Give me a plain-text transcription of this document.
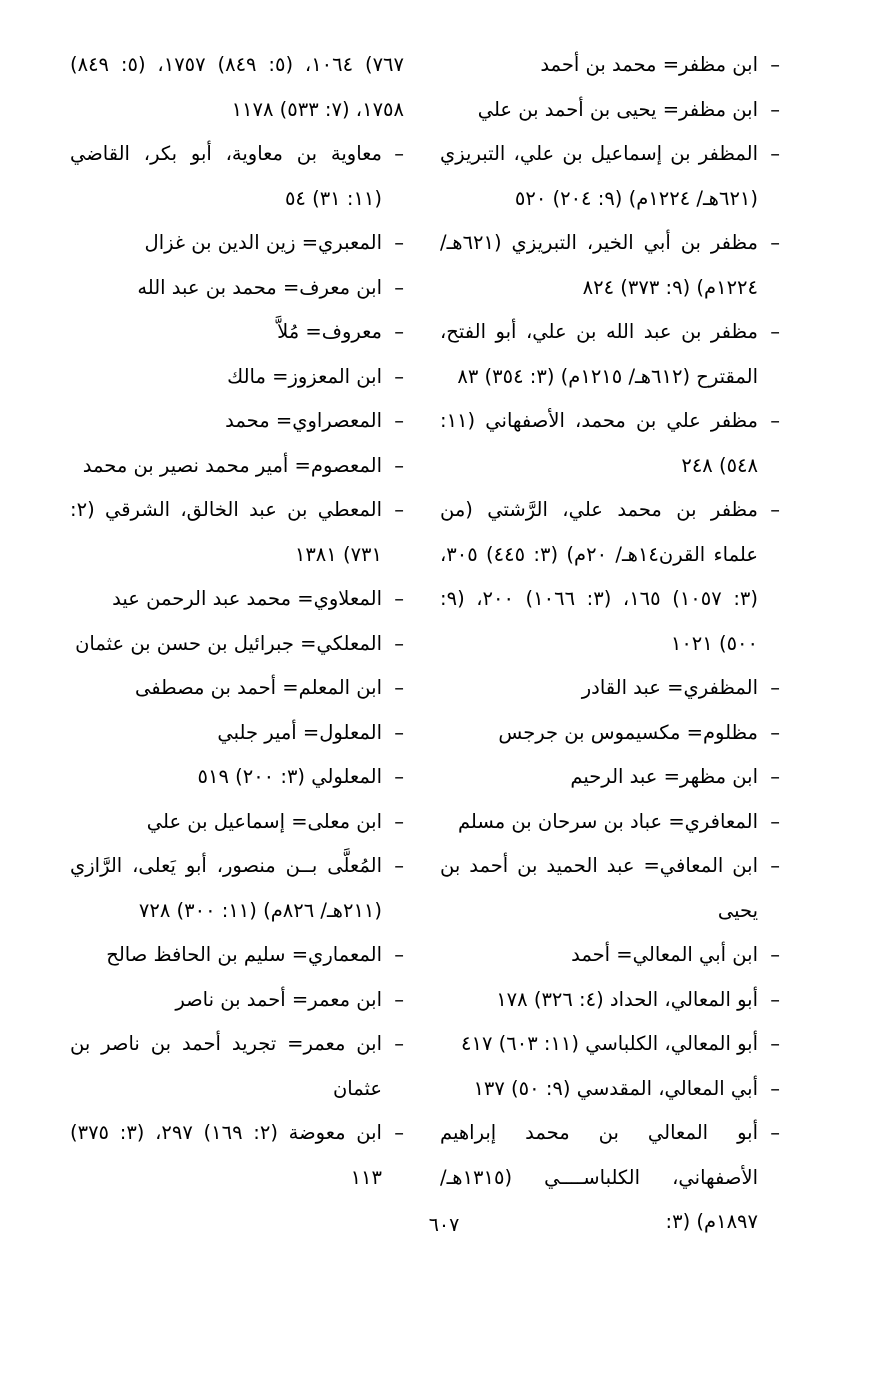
– ابن مظفر= محمد بن أحمد
– ابن مظفر= يحيى بن أحمد بن علي
– المظفر بن إسماعيل بن علي، التبريزي (٦٢١هـ/ ١٢٢٤م) (٩: ٢٠٤) ٥٢٠
– مظفر بن أبي الخير، التبريزي (٦٢١هـ/ ١٢٢٤م) (٩: ٣٧٣) ٨٢٤
– مظفر بن عبد الله بن علي، أبو الفتح، المقترح (٦١٢هـ/ ١٢١٥م) (٣: ٣٥٤) ٨٣
– مظفر علي بن محمد، الأصفهاني (١١: ٥٤٨) ٢٤٨
– مظفر بن محمد علي، الرَّشتي (من علماء القرن١٤هـ/ ٢٠م) (٣: ٤٤٥) ٣٠٥، (٣: ١٠٥٧) ١٦٥، (٣: ١٠٦٦) ٢٠٠، (٩: ٥٠٠) ١٠٢١
– المظفري= عبد القادر
– مظلوم= مكسيموس بن جرجس
– ابن مظهر= عبد الرحيم
– المعافري= عباد بن سرحان بن مسلم
– ابن المعافي= عبد الحميد بن أحمد بن يحيى
– ابن أبي المعالي= أحمد
– أبو المعالي، الحداد (٤: ٣٢٦) ١٧٨
– أبو المعالي، الكلباسي (١١: ٦٠٣) ٤١٧
– أبي المعالي، المقدسي (٩: ٥٠) ١٣٧
– أبو المعالي بن محمد إبراهيم الأصفهاني، الكلباســــي (١٣١٥هـ/ ١٨٩٧م) (٣:
٧٦٧) ١٠٦٤، (٥: ٨٤٩) ١٧٥٧، (٥: ٨٤٩) ١٧٥٨، (٧: ٥٣٣) ١١٧٨
– معاوية بن معاوية، أبو بكر، القاضي (١١: ٣١) ٥٤
– المعبري= زين الدين بن غزال
– ابن معرف= محمد بن عبد الله
– معروف= مُلاَّ
– ابن المعزوز= مالك
– المعصراوي= محمد
– المعصوم= أمير محمد نصير بن محمد
– المعطي بن عبد الخالق، الشرقي (٢: ٧٣١) ١٣٨١
– المعلاوي= محمد عبد الرحمن عيد
– المعلكي= جبرائيل بن حسن بن عثمان
– ابن المعلم= أحمد بن مصطفى
– المعلول= أمير جلبي
– المعلولي (٣: ٢٠٠) ٥١٩
– ابن معلى= إسماعيل بن علي
– المُعلَّى بــن منصور، أبو يَعلى، الرَّازي (٢١١هـ/ ٨٢٦م) (١١: ٣٠٠) ٧٢٨
– المعماري= سليم بن الحافظ صالح
– ابن معمر= أحمد بن ناصر
– ابن معمر= تجريد أحمد بن ناصر بن عثمان
– ابن معوضة (٢: ١٦٩) ٢٩٧، (٣: ٣٧٥) ١١٣
٦٠٧
